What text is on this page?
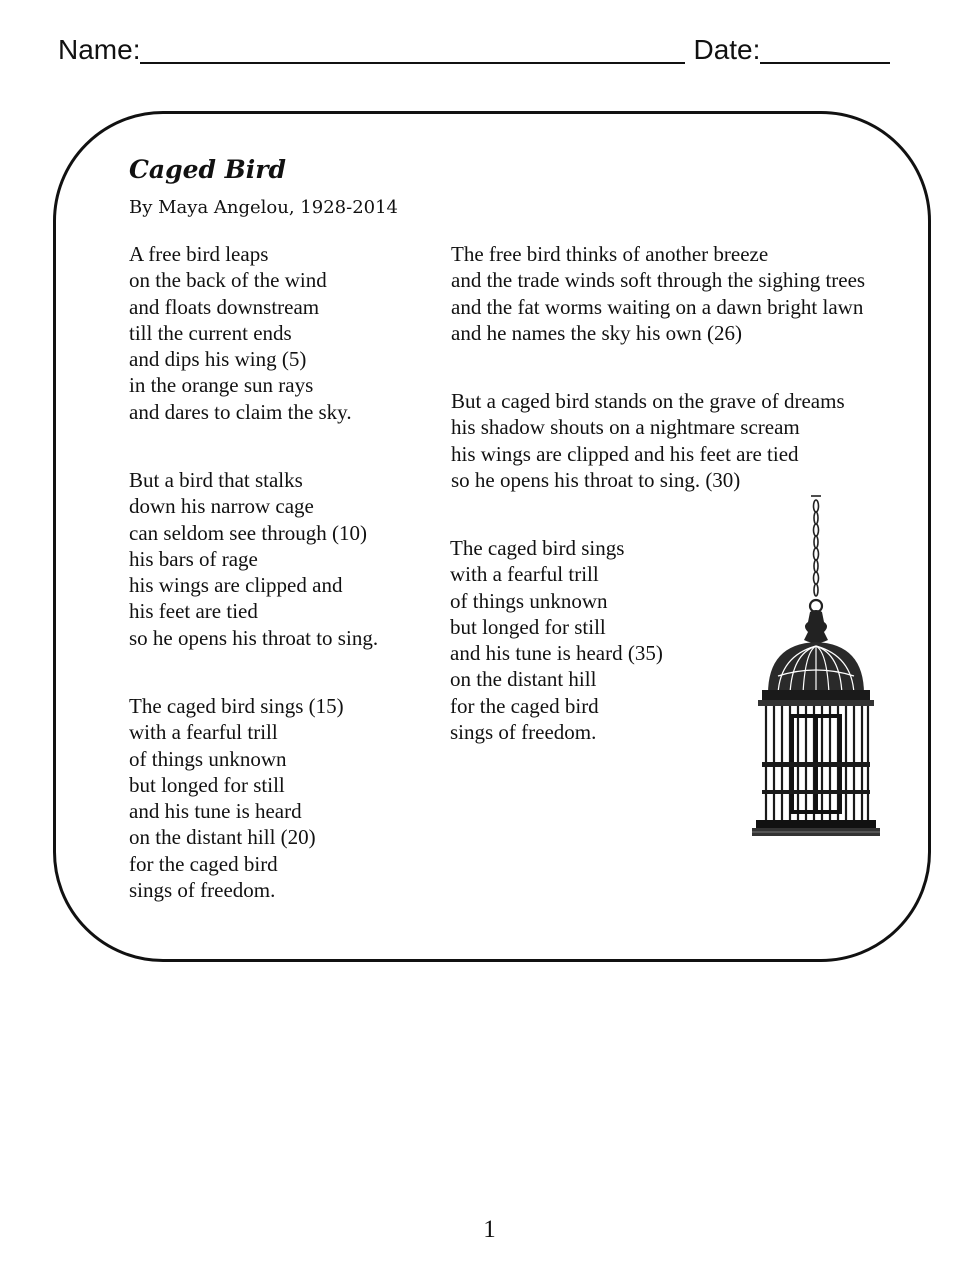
Name:	Date:
Caged Bird

By Maya Angelou, 1928-2014

A free bird leaps
on the back of the wind
and floats downstream
till the current ends
and dips his wing (5)
in the orange sun rays
and dares to claim the sky.
But a bird that stalks
down his narrow cage
can seldom see through (10)
his bars of rage
his wings are clipped and
his feet are tied
so he opens his throat to sing.
The caged bird sings (15)
with a fearful trill
of things unknown
but longed for still
and his tune is heard
on the distant hill (20)
for the caged bird
sings of freedom.
The free bird thinks of another breeze
and the trade winds soft through the sighing trees
and the fat worms waiting on a dawn bright lawn
and he names the sky his own (26)
But a caged bird stands on the grave of dreams
his shadow shouts on a nightmare scream
his wings are clipped and his feet are tied
so he opens his throat to sing. (30)
The caged bird sings
with a fearful trill
of things unknown
but longed for still
and his tune is heard (35)
on the distant hill
for the caged bird
sings of freedom.
1
